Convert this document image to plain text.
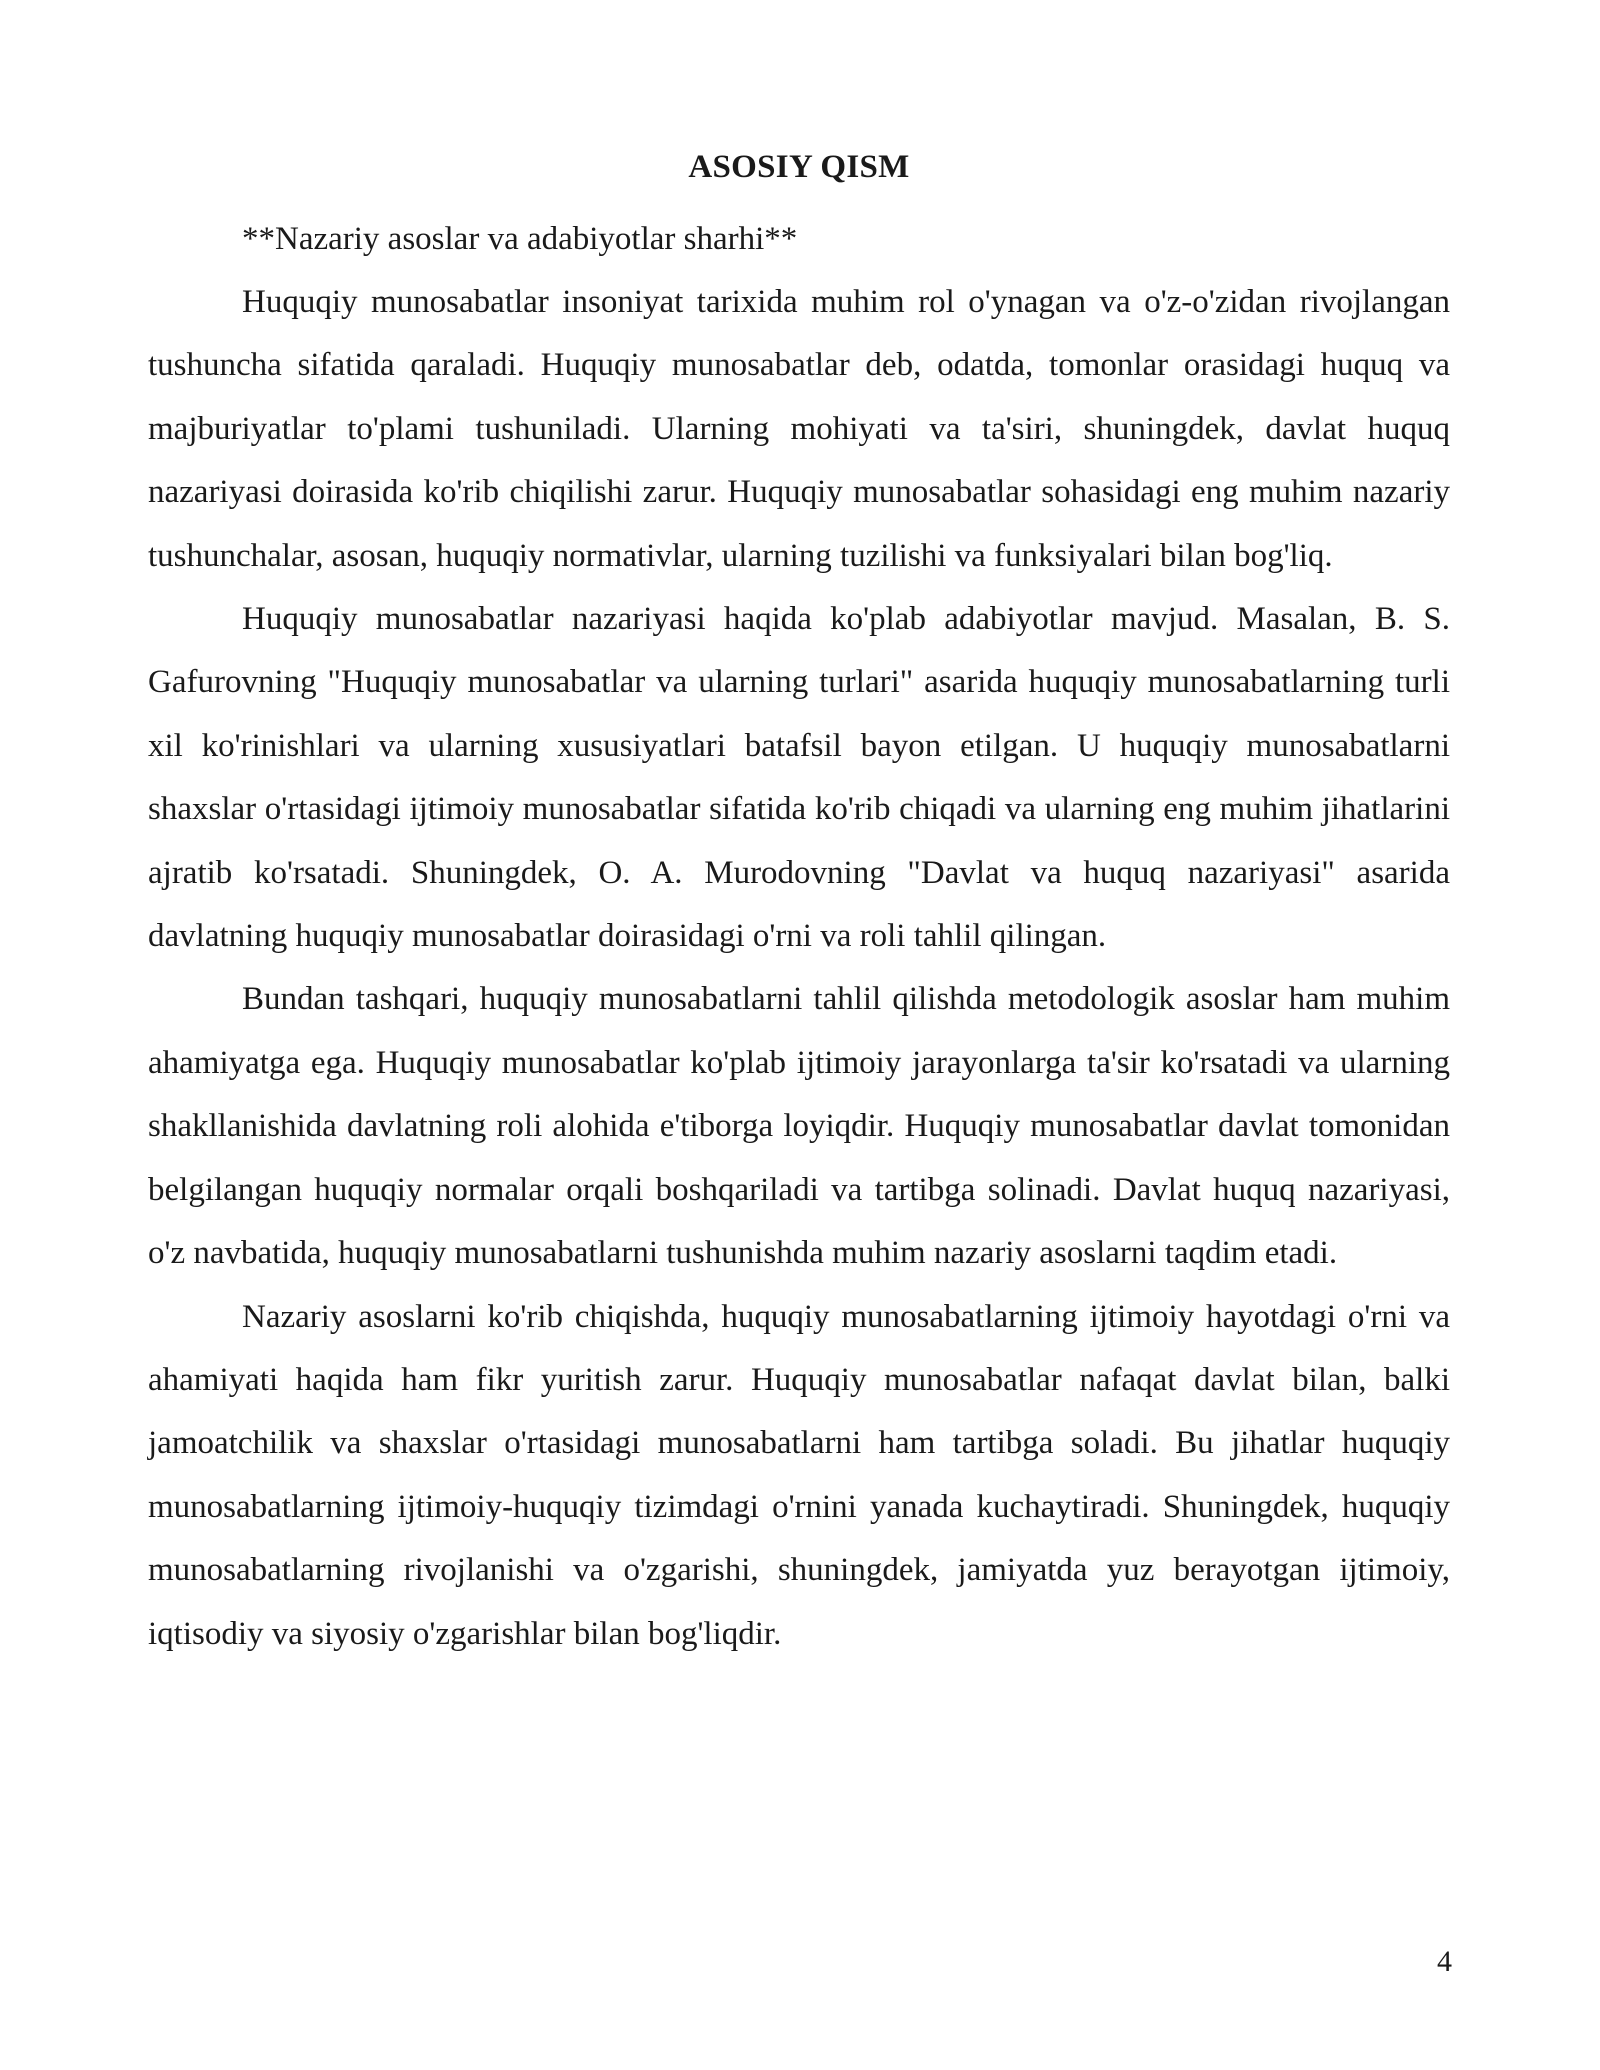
ASOSIY QISM

**Nazariy asoslar va adabiyotlar sharhi**

Huquqiy munosabatlar insoniyat tarixida muhim rol o'ynagan va o'z-o'zidan rivojlangan tushuncha sifatida qaraladi. Huquqiy munosabatlar deb, odatda, tomonlar orasidagi huquq va majburiyatlar to'plami tushuniladi. Ularning mohiyati va ta'siri, shuningdek, davlat huquq nazariyasi doirasida ko'rib chiqilishi zarur. Huquqiy munosabatlar sohasidagi eng muhim nazariy tushunchalar, asosan, huquqiy normativlar, ularning tuzilishi va funksiyalari bilan bog'liq.

Huquqiy munosabatlar nazariyasi haqida ko'plab adabiyotlar mavjud. Masalan, B. S. Gafurovning "Huquqiy munosabatlar va ularning turlari" asarida huquqiy munosabatlarning turli xil ko'rinishlari va ularning xususiyatlari batafsil bayon etilgan. U huquqiy munosabatlarni shaxslar o'rtasidagi ijtimoiy munosabatlar sifatida ko'rib chiqadi va ularning eng muhim jihatlarini ajratib ko'rsatadi. Shuningdek, O. A. Murodovning "Davlat va huquq nazariyasi" asarida davlatning huquqiy munosabatlar doirasidagi o'rni va roli tahlil qilingan.

Bundan tashqari, huquqiy munosabatlarni tahlil qilishda metodologik asoslar ham muhim ahamiyatga ega. Huquqiy munosabatlar ko'plab ijtimoiy jarayonlarga ta'sir ko'rsatadi va ularning shakllanishida davlatning roli alohida e'tiborga loyiqdir. Huquqiy munosabatlar davlat tomonidan belgilangan huquqiy normalar orqali boshqariladi va tartibga solinadi. Davlat huquq nazariyasi, o'z navbatida, huquqiy munosabatlarni tushunishda muhim nazariy asoslarni taqdim etadi.

Nazariy asoslarni ko'rib chiqishda, huquqiy munosabatlarning ijtimoiy hayotdagi o'rni va ahamiyati haqida ham fikr yuritish zarur. Huquqiy munosabatlar nafaqat davlat bilan, balki jamoatchilik va shaxslar o'rtasidagi munosabatlarni ham tartibga soladi. Bu jihatlar huquqiy munosabatlarning ijtimoiy-huquqiy tizimdagi o'rnini yanada kuchaytiradi. Shuningdek, huquqiy munosabatlarning rivojlanishi va o'zgarishi, shuningdek, jamiyatda yuz berayotgan ijtimoiy, iqtisodiy va siyosiy o'zgarishlar bilan bog'liqdir.

4
